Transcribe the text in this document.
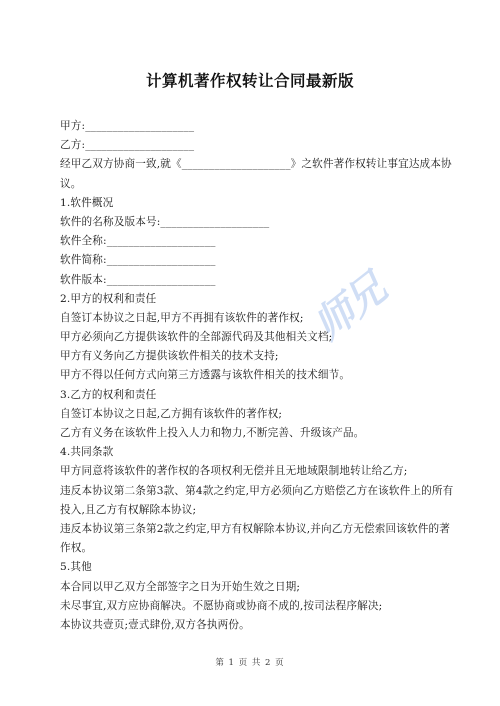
计算机著作权转让合同最新版
师兄
甲方:____________________
乙方:____________________
经甲乙双方协商一致,就《____________________》之软件著作权转让事宜达成本协
议。
1.软件概况
软件的名称及版本号:____________________
软件全称:____________________
软件简称:____________________
软件版本:____________________
2.甲方的权利和责任
自签订本协议之日起,甲方不再拥有该软件的著作权;
甲方必须向乙方提供该软件的全部源代码及其他相关文档;
甲方有义务向乙方提供该软件相关的技术支持;
甲方不得以任何方式向第三方透露与该软件相关的技术细节。
3.乙方的权利和责任
自签订本协议之日起,乙方拥有该软件的著作权;
乙方有义务在该软件上投入人力和物力,不断完善、升级该产品。
4.共同条款
甲方同意将该软件的著作权的各项权利无偿并且无地域限制地转让给乙方;
违反本协议第二条第3款、第4款之约定,甲方必须向乙方赔偿乙方在该软件上的所有
投入,且乙方有权解除本协议;
违反本协议第三条第2款之约定,甲方有权解除本协议,并向乙方无偿索回该软件的著
作权。
5.其他
本合同以甲乙双方全部签字之日为开始生效之日期;
未尽事宜,双方应协商解决。不愿协商或协商不成的,按司法程序解决;
本协议共壹页;壹式肆份,双方各执两份。
第 1 页 共 2 页
